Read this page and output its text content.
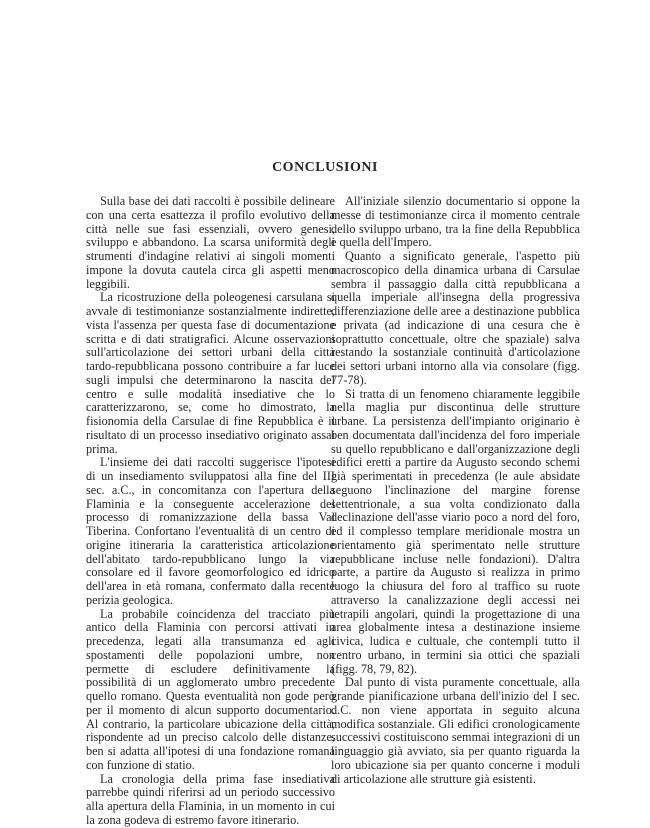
CONCLUSIONI

Sulla base dei dati raccolti è possibile delineare con una certa esattezza il profilo evolutivo della città nelle sue fasi essenziali, ovvero genesi, sviluppo e abbandono. La scarsa uniformità degli strumenti d'indagine relativi ai singoli momenti impone la dovuta cautela circa gli aspetti meno leggibili.

La ricostruzione della poleogenesi carsulana si avvale di testimonianze sostanzialmente indirette, vista l'assenza per questa fase di documentazione scritta e di dati stratigrafici. Alcune osservazioni sull'articolazione dei settori urbani della città tardo-repubblicana possono contribuire a far luce sugli impulsi che determinarono la nascita del centro e sulle modalità insediative che lo caratterizzarono, se, come ho dimostrato, la fisionomia della Carsulae di fine Repubblica è il risultato di un processo insediativo originato assai prima.

L'insieme dei dati raccolti suggerisce l'ipotesi di un insediamento sviluppatosi alla fine del III sec. a.C., in concomitanza con l'apertura della Flaminia e la conseguente accelerazione del processo di romanizzazione della bassa Val Tiberina. Confortano l'eventualità di un centro di origine itineraria la caratteristica articolazione dell'abitato tardo-repubblicano lungo la via consolare ed il favore geomorfologico ed idrico dell'area in età romana, confermato dalla recente perizia geologica.

La probabile coincidenza del tracciato più antico della Flaminia con percorsi attivati in precedenza, legati alla transumanza ed agli spostamenti delle popolazioni umbre, non permette di escludere definitivamente la possibilità di un agglomerato umbro precedente quello romano. Questa eventualità non gode però per il momento di alcun supporto documentario. Al contrario, la particolare ubicazione della città, rispondente ad un preciso calcolo delle distanze, ben si adatta all'ipotesi di una fondazione romana con funzione di statio.

La cronologia della prima fase insediativa parrebbe quindi riferirsi ad un periodo successivo alla apertura della Flaminia, in un momento in cui la zona godeva di estremo favore itinerario.

All'iniziale silenzio documentario si oppone la messe di testimonianze circa il momento centrale dello sviluppo urbano, tra la fine della Repubblica e quella dell'Impero.

Quanto a significato generale, l'aspetto più macroscopico della dinamica urbana di Carsulae sembra il passaggio dalla città repubblicana a quella imperiale all'insegna della progressiva differenziazione delle aree a destinazione pubblica e privata (ad indicazione di una cesura che è soprattutto concettuale, oltre che spaziale) salva restando la sostanziale continuità d'articolazione dei settori urbani intorno alla via consolare (figg. 77-78).

Si tratta di un fenomeno chiaramente leggibile nella maglia pur discontinua delle strutture urbane. La persistenza dell'impianto originario è ben documentata dall'incidenza del foro imperiale su quello repubblicano e dall'organizzazione degli edifici eretti a partire da Augusto secondo schemi già sperimentati in precedenza (le aule absidate seguono l'inclinazione del margine forense settentrionale, a sua volta condizionato dalla declinazione dell'asse viario poco a nord del foro, ed il complesso templare meridionale mostra un orientamento già sperimentato nelle strutture repubblicane incluse nelle fondazioni). D'altra parte, a partire da Augusto si realizza in primo luogo la chiusura del foro al traffico su ruote attraverso la canalizzazione degli accessi nei tetrapili angolari, quindi la progettazione di una area globalmente intesa a destinazione insieme civica, ludica e cultuale, che contempli tutto il centro urbano, in termini sia ottici che spaziali (figg. 78, 79, 82).

Dal punto di vista puramente concettuale, alla grande pianificazione urbana dell'inizio del I sec. d.C. non viene apportata in seguito alcuna modifica sostanziale. Gli edifici cronologicamente successivi costituiscono semmai integrazioni di un linguaggio già avviato, sia per quanto riguarda la loro ubicazione sia per quanto concerne i moduli di articolazione alle strutture già esistenti.
